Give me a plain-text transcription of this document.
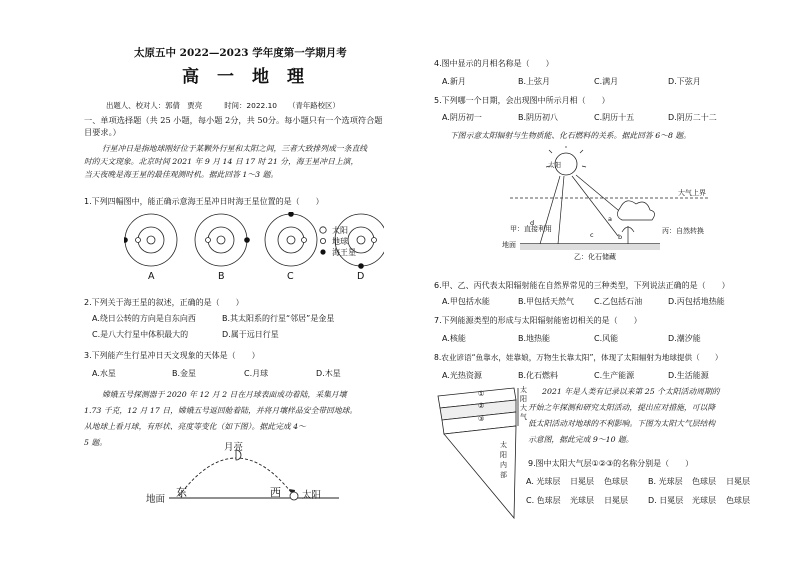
太原五中 2022—2023 学年度第一学期月考
高一地理
出题人、校对人：郭倩　贾亮　　　时间：2022.10　　（青年路校区）
一、单项选择题（共 25 小题，每小题 2分，共 50分。每小题只有一个选项符合题
目要求。）
行星冲日是指地球刚好位于某颗外行星和太阳之间，三者大致排列成一条直线
时的天文现象。北京时间 2021 年 9 月 14 日 17 时 21 分，海王星冲日上演，
当天夜晚是海王星的最佳观测时机。据此回答 1～3 题。
1.下列四幅图中，能正确示意海王星冲日时海王星位置的是（　　）
A	B	C	D
太阳
地球
海王星
2.下列关于海王星的叙述，正确的是（　　）
A.绕日公转的方向是自东向西	B.其太阳系的行星“邻居”是金星
C.是八大行星中体积最大的	D.属于远日行星
3.下列能产生行星冲日天文现象的天体是（　　）
A.水星	B.金星	C.月球	D.木星
嫦娥五号探测器于 2020 年 12 月 2 日在月球表面成功着陆，采集月壤
1.73 千克，12 月 17 日，嫦娥五号返回舱着陆，并将月壤样品安全带回地球。
从地球上看月球，有形状、亮度等变化（如下图）。据此完成 4～
5 题。	月亮
地面
东	西 太阳
4.图中显示的月相名称是（　　）
A.新月	B.上弦月	C.满月	D.下弦月
5.下列哪一个日期，会出现图中所示月相（　　）
A.阴历初一	B.阴历初八	C.阴历十五	D.阴历二十二
下图示意太阳辐射与生物质能、化石燃料的关系。据此回答 6～8 题。
太阳
大气上界
d	a
c	b
甲：直接利用	丙：自然转换
地面
乙：化石储藏
6.甲、乙、丙代表太阳辐射能在自然界常见的三种类型，下列说法正确的是（　　）
A.甲包括水能	B.甲包括天然气 C.乙包括石油	D.丙包括地热能
7.下列能源类型的形成与太阳辐射能密切相关的是（　　）
A.核能	B.地热能	C.风能	D.潮汐能
8.农业谚语“鱼靠水，娃靠娘，万物生长靠太阳”，体现了太阳辐射为地球提供（　　）
A.光热资源	B.化石燃料	C.生产能源	D.生活能源
①
②
③
太阳大气
太阳内部
2021 年是人类有记录以来第 25 个太阳活动周期的
开始之年探测和研究太阳活动，提出应对措施，可以降
低太阳活动对地球的不利影响。下图为太阳大气层结构
示意图，据此完成 9～10 题。
9.图中太阳大气层①②③的名称分别是（　　）
A. 光球层 日冕层 色球层	B. 光球层 色球层 日冕层
C. 色球层 光球层 日冕层	D. 日冕层 光球层 色球层
